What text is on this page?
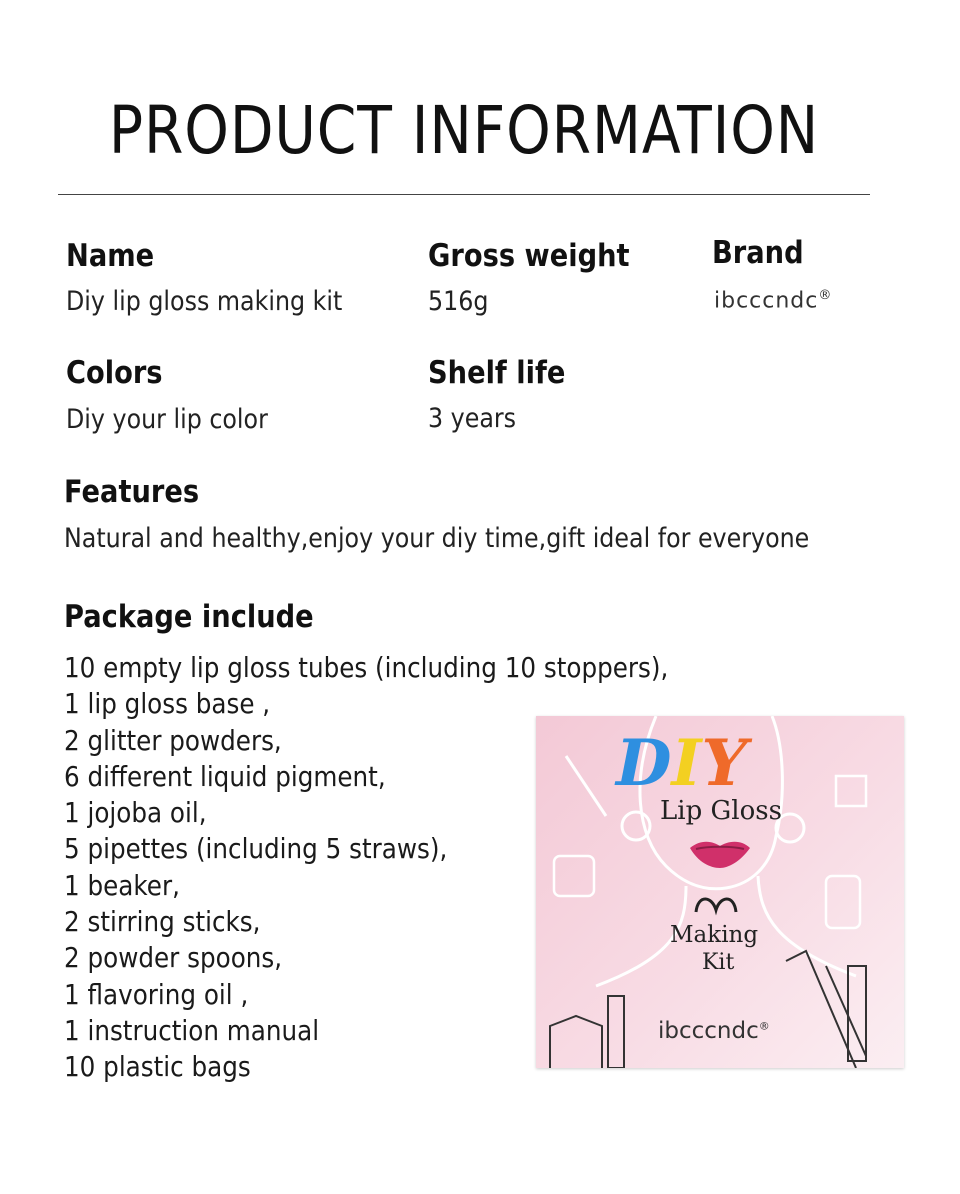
PRODUCT INFORMATION
Name
Diy lip gloss making kit
Gross weight
516g
Brand
ibcccndc®
Colors
Diy your lip color
Shelf life
3 years
Features
Natural and healthy,enjoy your diy time,gift ideal for everyone
Package include
10 empty lip gloss tubes (including 10 stoppers),
1 lip gloss base ,
2 glitter powders,
6 different liquid pigment,
1 jojoba oil,
5 pipettes (including 5 straws),
1 beaker,
2 stirring sticks,
2 powder spoons,
1 flavoring oil ,
1 instruction manual
10 plastic bags
DIY
Lip Gloss
Making
Kit
ibcccndc®
